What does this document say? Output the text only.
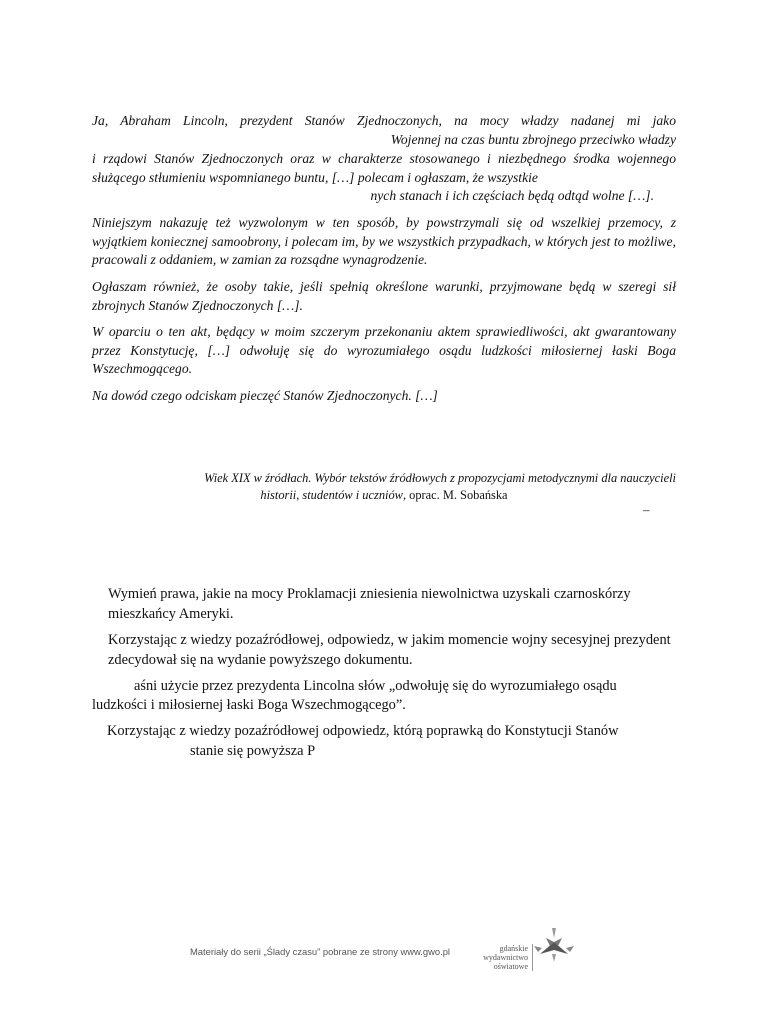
Ja, Abraham Lincoln, prezydent Stanów Zjednoczonych, na mocy władzy nadanej mi jako
Wojennej na czas buntu zbrojnego przeciwko władzy
i rządowi Stanów Zjednoczonych oraz w charakterze stosowanego i niezbędnego środka wojennego służącego stłumieniu wspomnianego buntu, […] polecam i ogłaszam, że wszystkie
nych stanach i ich częściach będą odtąd wolne […].
Niniejszym nakazuję też wyzwolonym w ten sposób, by powstrzymali się od wszelkiej przemocy, z wyjątkiem koniecznej samoobrony, i polecam im, by we wszystkich przypadkach, w których jest to możliwe, pracowali z oddaniem, w zamian za rozsądne wynagrodzenie.
Ogłaszam również, że osoby takie, jeśli spełnią określone warunki, przyjmowane będą w szeregi sił zbrojnych Stanów Zjednoczonych […].
W oparciu o ten akt, będący w moim szczerym przekonaniu aktem sprawiedliwości, akt gwarantowany przez Konstytucję, […] odwołuję się do wyrozumiałego osądu ludzkości miłosiernej łaski Boga Wszechmogącego.
Na dowód czego odciskam pieczęć Stanów Zjednoczonych. […]
Wiek XIX w źródłach. Wybór tekstów źródłowych z propozycjami metodycznymi dla nauczycieli
historii, studentów i uczniów, oprac. M. Sobańska
–
Wymień prawa, jakie na mocy Proklamacji zniesienia niewolnictwa uzyskali czarnoskórzy mieszkańcy Ameryki.
Korzystając z wiedzy pozaźródłowej, odpowiedz, w jakim momencie wojny secesyjnej prezydent zdecydował się na wydanie powyższego dokumentu.
aśni użycie przez prezydenta Lincolna słów „odwołuję się do wyrozumiałego osądu
ludzkości i miłosiernej łaski Boga Wszechmogącego”.
Korzystając z wiedzy pozaźródłowej odpowiedz, którą poprawką do Konstytucji Stanów
stanie się powyższa P
Materiały do serii „Ślady czasu” pobrane ze strony www.gwo.pl	gdańskie
wydawnictwo
oświatowe
